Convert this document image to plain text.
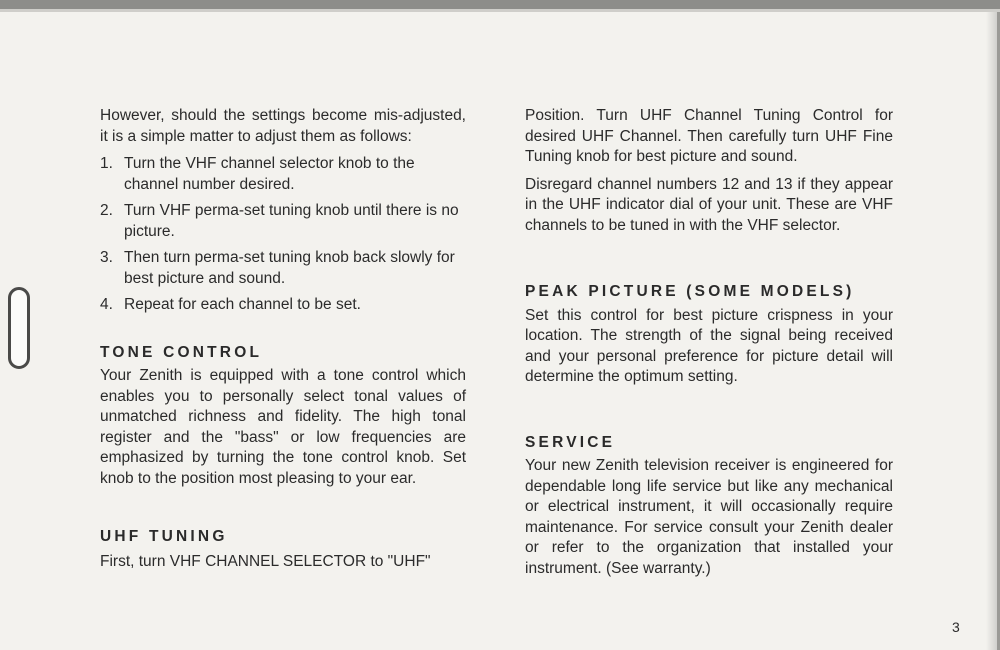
However, should the settings become mis-adjusted, it is a simple matter to adjust them as follows:

1. Turn the VHF channel selector knob to the channel number desired.
2. Turn VHF perma-set tuning knob until there is no picture.
3. Then turn perma-set tuning knob back slowly for best picture and sound.
4. Repeat for each channel to be set.
TONE CONTROL

Your Zenith is equipped with a tone control which enables you to personally select tonal values of unmatched richness and fidelity. The high tonal register and the "bass" or low frequencies are emphasized by turning the tone control knob. Set knob to the position most pleasing to your ear.

UHF TUNING

First, turn VHF CHANNEL SELECTOR to "UHF"

Position. Turn UHF Channel Tuning Control for desired UHF Channel. Then carefully turn UHF Fine Tuning knob for best picture and sound.

Disregard channel numbers 12 and 13 if they appear in the UHF indicator dial of your unit. These are VHF channels to be tuned in with the VHF selector.

PEAK PICTURE (SOME MODELS)

Set this control for best picture crispness in your location. The strength of the signal being received and your personal preference for picture detail will determine the optimum setting.

SERVICE

Your new Zenith television receiver is engineered for dependable long life service but like any mechanical or electrical instrument, it will occasionally require maintenance. For service consult your Zenith dealer or refer to the organization that installed your instrument. (See warranty.)

3
